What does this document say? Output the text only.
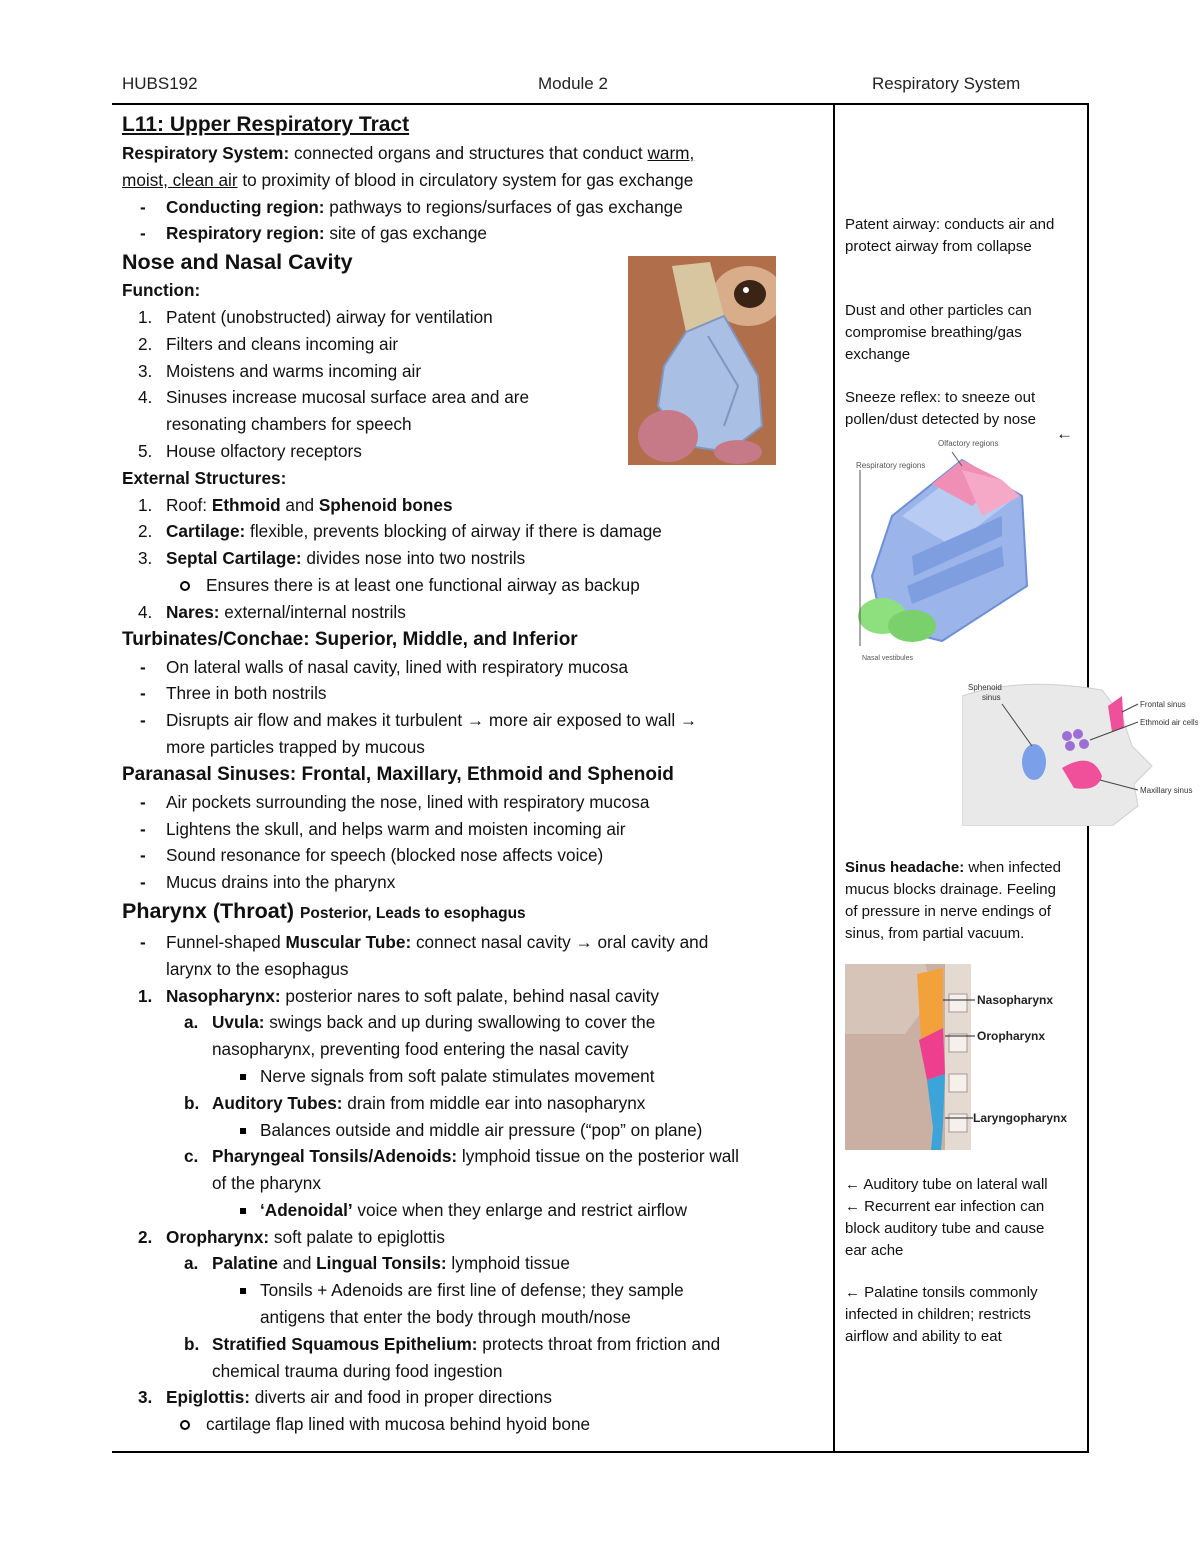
HUBS192	Module 2	Respiratory System
L11: Upper Respiratory Tract

Respiratory System: connected organs and structures that conduct warm,

moist, clean air to proximity of blood in circulatory system for gas exchange

- Conducting region: pathways to regions/surfaces of gas exchange
- Respiratory region: site of gas exchange
Nose and Nasal Cavity
Function:
1. Patent (unobstructed) airway for ventilation
2. Filters and cleans incoming air
3. Moistens and warms incoming air
4. Sinuses increase mucosal surface area and are
resonating chambers for speech
5. House olfactory receptors
External Structures:
1. Roof: Ethmoid and Sphenoid bones
2. Cartilage: flexible, prevents blocking of airway if there is damage
3. Septal Cartilage: divides nose into two nostrils
Ensures there is at least one functional airway as backup
4. Nares: external/internal nostrils
Turbinates/Conchae: Superior, Middle, and Inferior
- On lateral walls of nasal cavity, lined with respiratory mucosa
- Three in both nostrils
- Disrupts air flow and makes it turbulent → more air exposed to wall →
more particles trapped by mucous
Paranasal Sinuses: Frontal, Maxillary, Ethmoid and Sphenoid
- Air pockets surrounding the nose, lined with respiratory mucosa
- Lightens the skull, and helps warm and moisten incoming air
- Sound resonance for speech (blocked nose affects voice)
- Mucus drains into the pharynx
Pharynx (Throat) Posterior, Leads to esophagus
- Funnel-shaped Muscular Tube: connect nasal cavity → oral cavity and
larynx to the esophagus
1. Nasopharynx: posterior nares to soft palate, behind nasal cavity
a. Uvula: swings back and up during swallowing to cover the
nasopharynx, preventing food entering the nasal cavity
Nerve signals from soft palate stimulates movement
b. Auditory Tubes: drain from middle ear into nasopharynx
Balances outside and middle air pressure (“pop” on plane)
c. Pharyngeal Tonsils/Adenoids: lymphoid tissue on the posterior wall
of the pharynx
‘Adenoidal’ voice when they enlarge and restrict airflow
2. Oropharynx: soft palate to epiglottis
a. Palatine and Lingual Tonsils: lymphoid tissue
Tonsils + Adenoids are first line of defense; they sample
antigens that enter the body through mouth/nose
b. Stratified Squamous Epithelium: protects throat from friction and
chemical trauma during food ingestion
3. Epiglottis: diverts air and food in proper directions
cartilage flap lined with mucosa behind hyoid bone
Olfactory regions
Respiratory regions
Nasal vestibules
Sphenoid
sinus
Frontal sinus
Ethmoid air cells
Maxillary sinus
Nasopharynx
Oropharynx
Laryngopharynx

Patent airway: conducts air and

protect airway from collapse

Dust and other particles can

compromise breathing/gas

exchange

Sneeze reflex: to sneeze out

pollen/dust detected by nose

←

Sinus headache: when infected

mucus blocks drainage. Feeling

of pressure in nerve endings of

sinus, from partial vacuum.

← Auditory tube on lateral wall

← Recurrent ear infection can

block auditory tube and cause

ear ache

← Palatine tonsils commonly

infected in children; restricts

airflow and ability to eat
